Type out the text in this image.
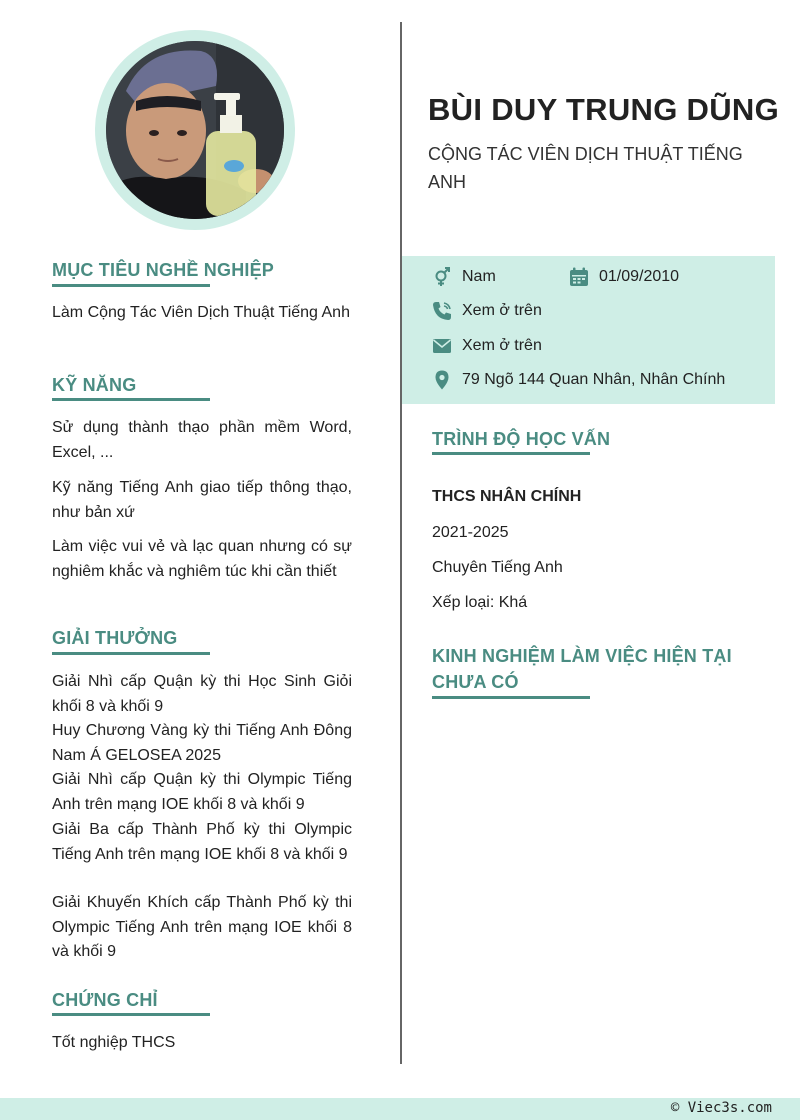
MỤC TIÊU NGHỀ NGHIỆP
Làm Cộng Tác Viên Dịch Thuật Tiếng Anh
KỸ NĂNG
Sử dụng thành thạo phần mềm Word, Excel, ...
Kỹ năng Tiếng Anh giao tiếp thông thạo, như bản xứ
Làm việc vui vẻ và lạc quan nhưng có sự nghiêm khắc và nghiêm túc khi cần thiết
GIẢI THƯỞNG
Giải Nhì cấp Quận kỳ thi Học Sinh Giỏi khối 8 và khối 9
Huy Chương Vàng kỳ thi Tiếng Anh Đông Nam Á GELOSEA 2025
Giải Nhì cấp Quận kỳ thi Olympic Tiếng Anh trên mạng IOE khối 8 và khối 9
Giải Ba cấp Thành Phố kỳ thi Olympic Tiếng Anh trên mạng IOE khối 8 và khối 9
Giải Khuyến Khích cấp Thành Phố kỳ thi Olympic Tiếng Anh trên mạng IOE khối 8 và khối 9
CHỨNG CHỈ
Tốt nghiệp THCS
BÙI DUY TRUNG DŨNG
CỘNG TÁC VIÊN DỊCH THUẬT TIẾNG ANH
Nam	01/09/2010
Xem ở trên
Xem ở trên
79 Ngõ 144 Quan Nhân, Nhân Chính
TRÌNH ĐỘ HỌC VẤN
THCS NHÂN CHÍNH
2021-2025
Chuyên Tiếng Anh
Xếp loại: Khá
KINH NGHIỆM LÀM VIỆC HIỆN TẠI
CHƯA CÓ
© Viec3s.com
